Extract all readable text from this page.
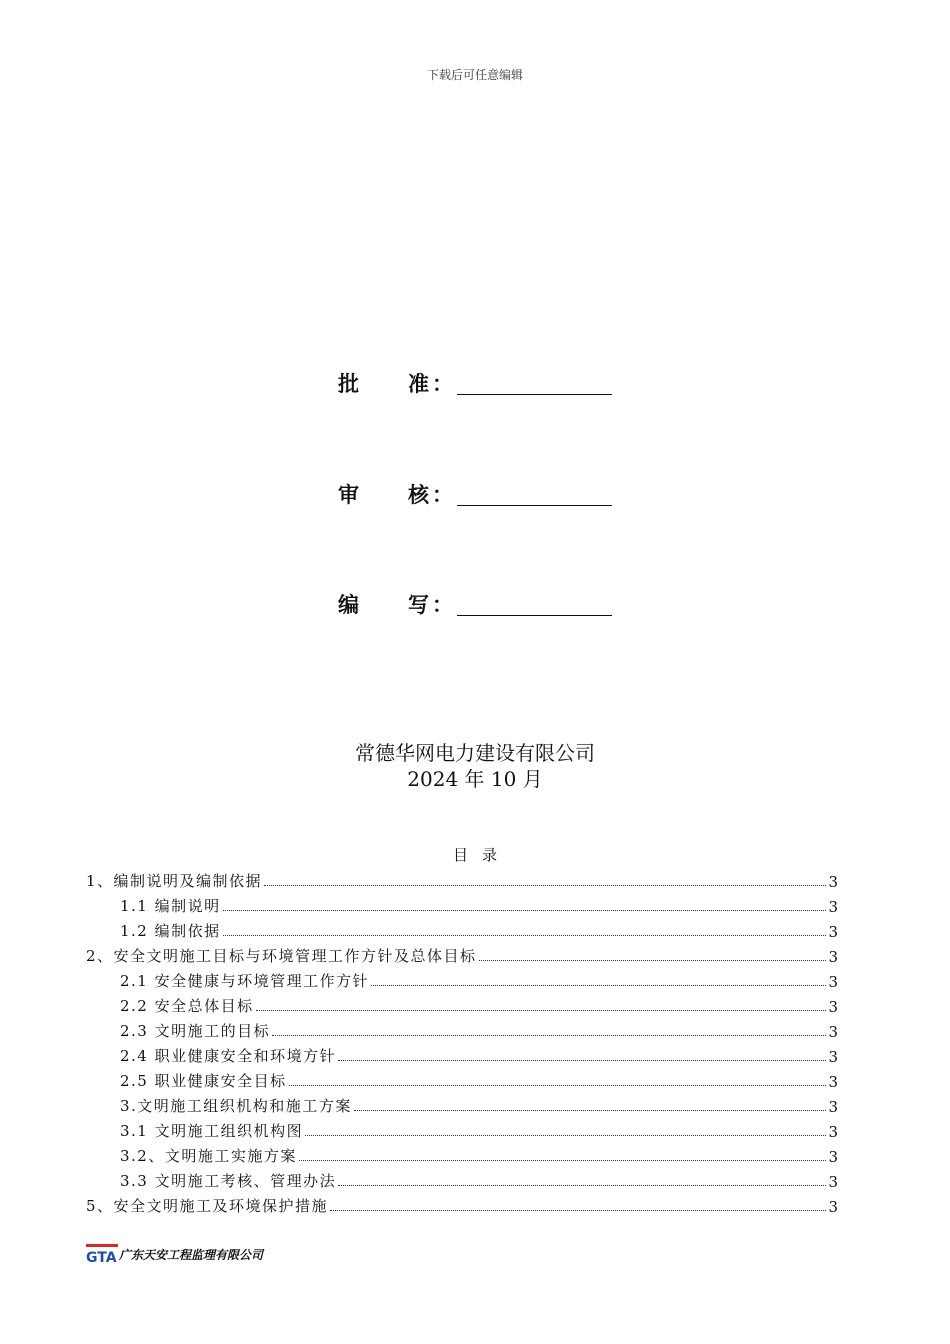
下载后可任意编辑
批	准 ：
审	核 ：
编	写 ：
常德华网电力建设有限公司
2024 年 10 月
目录
1、编制说明及编制依据	3
1.1 编制说明	3
1.2 编制依据	3
2、安全文明施工目标与环境管理工作方针及总体目标	3
2.1 安全健康与环境管理工作方针	3
2.2 安全总体目标	3
2.3 文明施工的目标	3
2.4 职业健康安全和环境方针	3
2.5 职业健康安全目标	3
3.文明施工组织机构和施工方案	3
3.1 文明施工组织机构图	3
3.2、文明施工实施方案	3
3.3 文明施工考核、管理办法	3
5、安全文明施工及环境保护措施	3
GTA 广东天安工程监理有限公司
